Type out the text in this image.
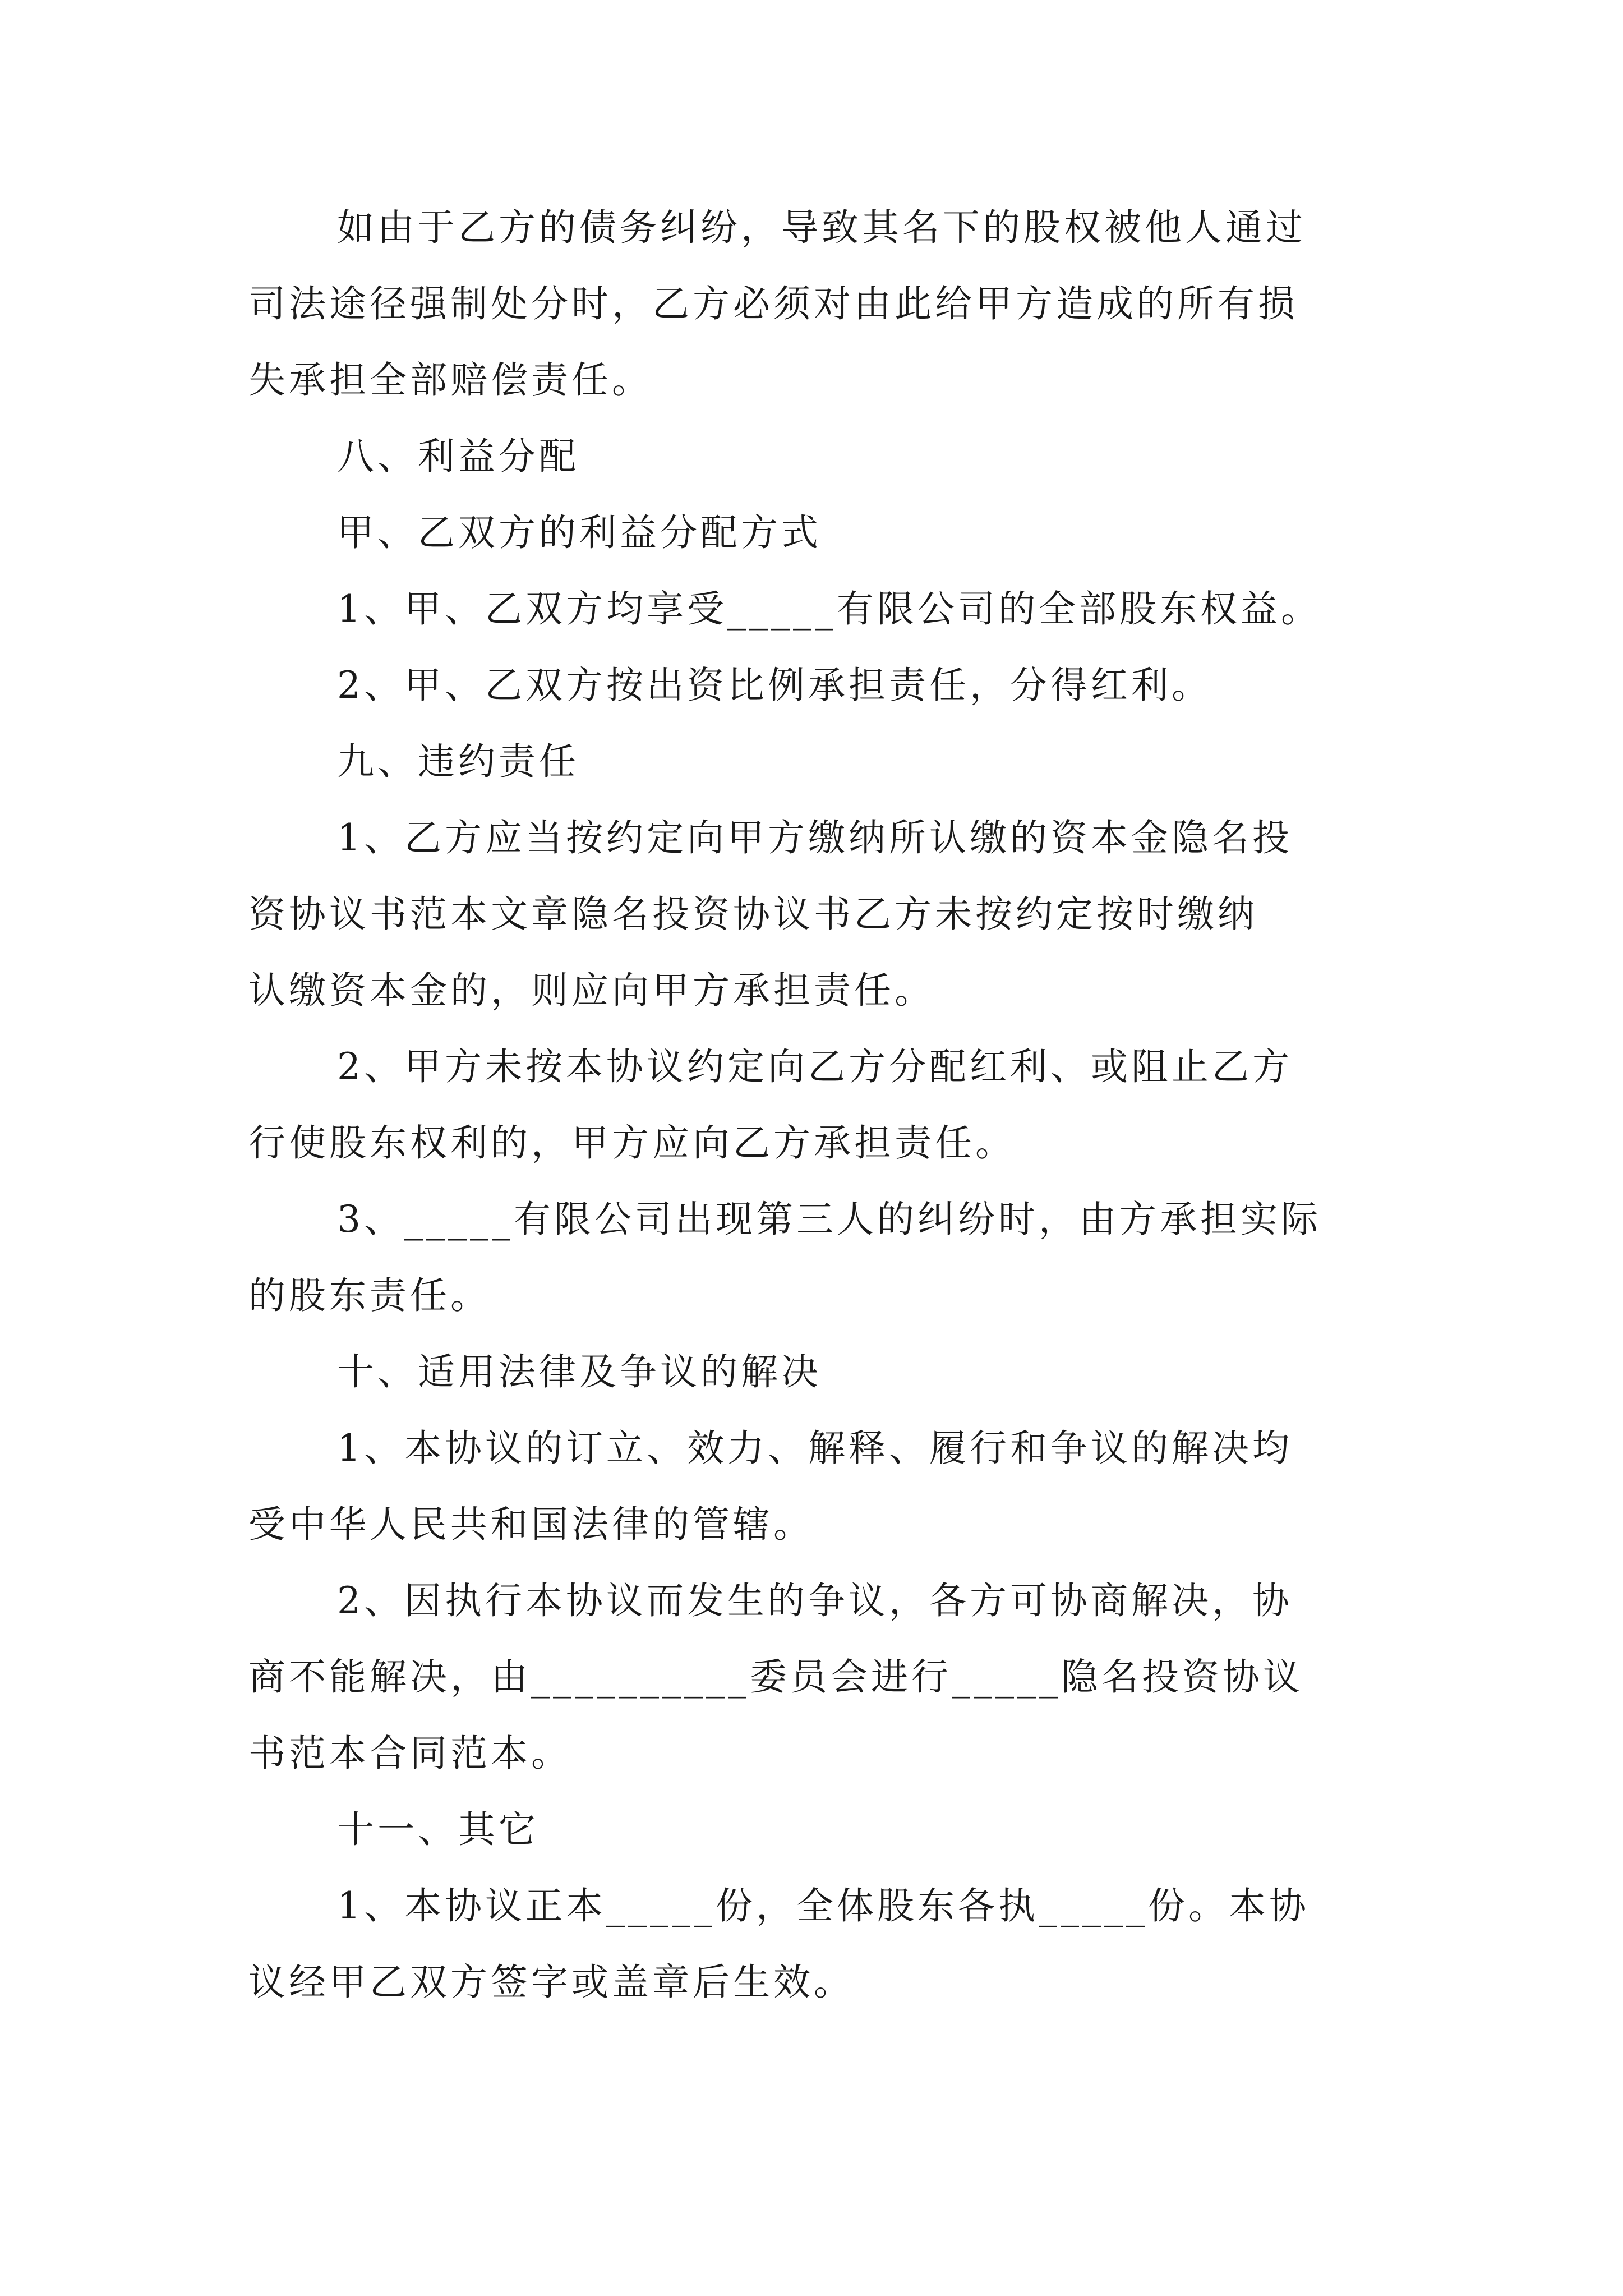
如由于乙方的债务纠纷，导致其名下的股权被他人通过
司法途径强制处分时，乙方必须对由此给甲方造成的所有损
失承担全部赔偿责任。
八、利益分配
甲、乙双方的利益分配方式
1、甲、乙双方均享受_____有限公司的全部股东权益。
2、甲、乙双方按出资比例承担责任，分得红利。
九、违约责任
1、乙方应当按约定向甲方缴纳所认缴的资本金隐名投
资协议书范本文章隐名投资协议书乙方未按约定按时缴纳
认缴资本金的，则应向甲方承担责任。
2、甲方未按本协议约定向乙方分配红利、或阻止乙方
行使股东权利的，甲方应向乙方承担责任。
3、_____有限公司出现第三人的纠纷时，由方承担实际
的股东责任。
十、适用法律及争议的解决
1、本协议的订立、效力、解释、履行和争议的解决均
受中华人民共和国法律的管辖。
2、因执行本协议而发生的争议，各方可协商解决，协
商不能解决，由__________委员会进行_____隐名投资协议
书范本合同范本。
十一、其它
1、本协议正本_____份，全体股东各执_____份。本协
议经甲乙双方签字或盖章后生效。
